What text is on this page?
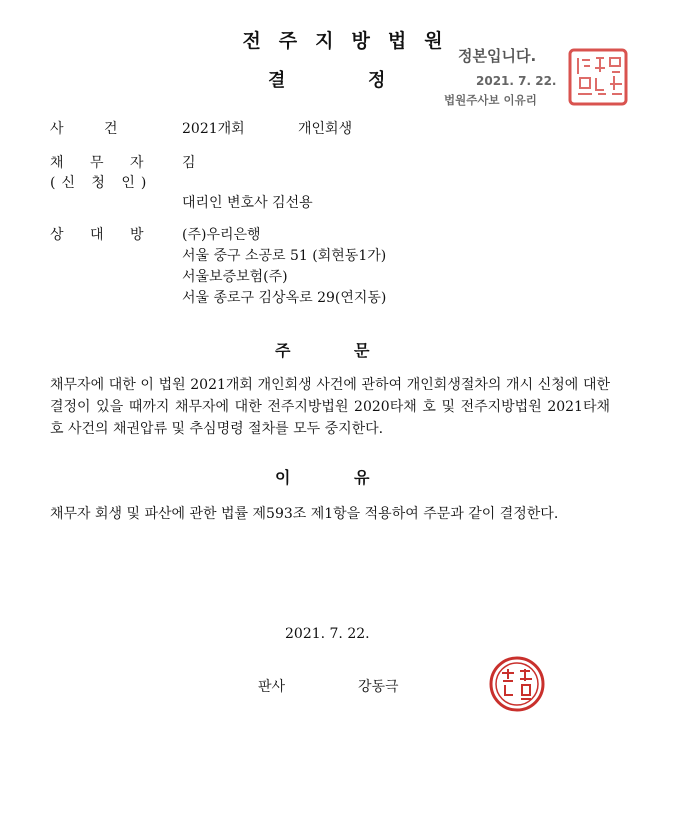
전주지방법원
결	정
정본입니다.
2021. 7. 22.
법원주사보 이유리
사 건	2021개회	개인회생
채 무 자 김
(신 청 인)
대리인 변호사 김선용
상 대 방 (주)우리은행
서울 중구 소공로 51 (회현동1가)
서울보증보험(주)
서울 종로구 김상옥로 29(연지동)
주	문
채무자에 대한 이 법원 2021개회 개인회생 사건에 관하여 개인회생절차의 개시 신청에 대한 결정이 있을 때까지 채무자에 대한 전주지방법원 2020타채 호 및 전주지방법원 2021타채 호 사건의 채권압류 및 추심명령 절차를 모두 중지한다.
이	유
채무자 회생 및 파산에 관한 법률 제593조 제1항을 적용하여 주문과 같이 결정한다.
2021. 7. 22.
판사	강동극
